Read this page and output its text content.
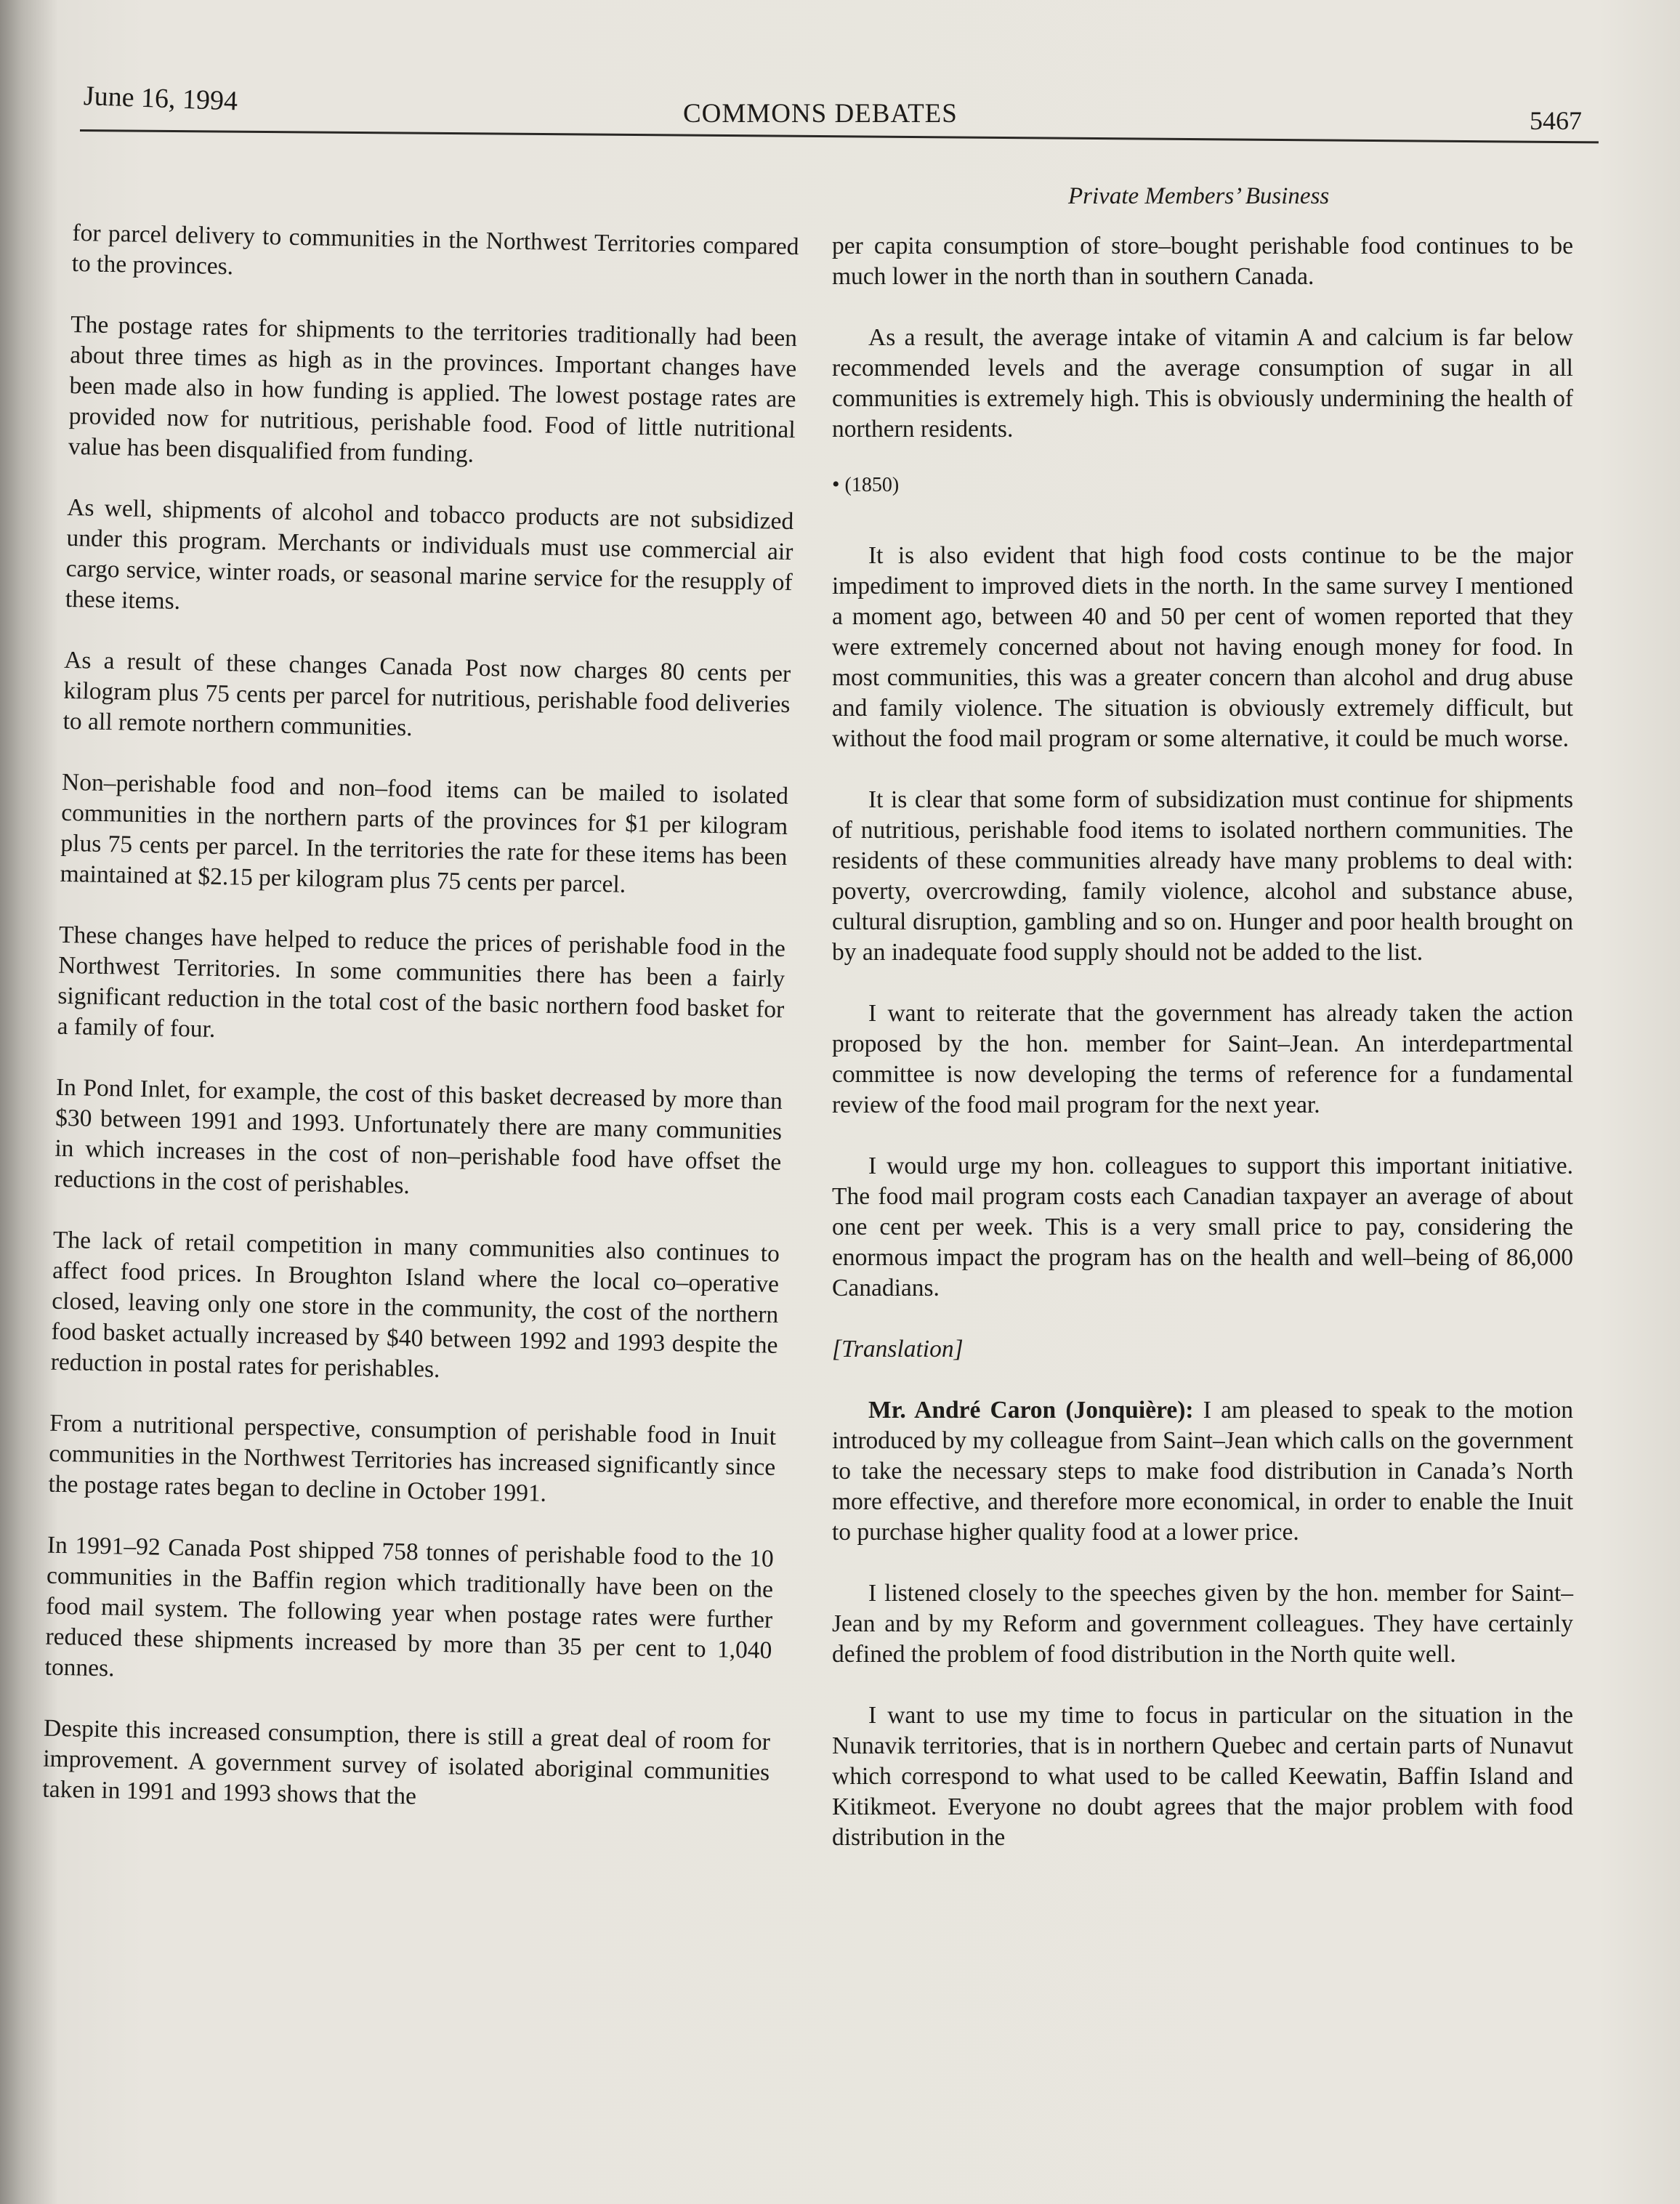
June 16, 1994	COMMONS DEBATES	5467
Private Members’ Business

for parcel delivery to communities in the Northwest Territories compared to the provinces.

The postage rates for shipments to the territories traditionally had been about three times as high as in the provinces. Important changes have been made also in how funding is applied. The lowest postage rates are provided now for nutritious, perishable food. Food of little nutritional value has been disqualified from funding.

As well, shipments of alcohol and tobacco products are not subsidized under this program. Merchants or individuals must use commercial air cargo service, winter roads, or seasonal marine service for the resupply of these items.

As a result of these changes Canada Post now charges 80 cents per kilogram plus 75 cents per parcel for nutritious, perishable food deliveries to all remote northern communities.

Non–perishable food and non–food items can be mailed to isolated communities in the northern parts of the provinces for $1 per kilogram plus 75 cents per parcel. In the territories the rate for these items has been maintained at $2.15 per kilogram plus 75 cents per parcel.

These changes have helped to reduce the prices of perishable food in the Northwest Territories. In some communities there has been a fairly significant reduction in the total cost of the basic northern food basket for a family of four.

In Pond Inlet, for example, the cost of this basket decreased by more than $30 between 1991 and 1993. Unfortunately there are many communities in which increases in the cost of non–perishable food have offset the reductions in the cost of perishables.

The lack of retail competition in many communities also continues to affect food prices. In Broughton Island where the local co–operative closed, leaving only one store in the community, the cost of the northern food basket actually increased by $40 between 1992 and 1993 despite the reduction in postal rates for perishables.

From a nutritional perspective, consumption of perishable food in Inuit communities in the Northwest Territories has increased significantly since the postage rates began to decline in October 1991.

In 1991–92 Canada Post shipped 758 tonnes of perishable food to the 10 communities in the Baffin region which traditionally have been on the food mail system. The following year when postage rates were further reduced these shipments increased by more than 35 per cent to 1,040 tonnes.

Despite this increased consumption, there is still a great deal of room for improvement. A government survey of isolated aboriginal communities taken in 1991 and 1993 shows that the

per capita consumption of store–bought perishable food continues to be much lower in the north than in southern Canada.

As a result, the average intake of vitamin A and calcium is far below recommended levels and the average consumption of sugar in all communities is extremely high. This is obviously undermining the health of northern residents.

• (1850)

It is also evident that high food costs continue to be the major impediment to improved diets in the north. In the same survey I mentioned a moment ago, between 40 and 50 per cent of women reported that they were extremely concerned about not having enough money for food. In most communities, this was a greater concern than alcohol and drug abuse and family violence. The situation is obviously extremely difficult, but without the food mail program or some alternative, it could be much worse.

It is clear that some form of subsidization must continue for shipments of nutritious, perishable food items to isolated northern communities. The residents of these communities already have many problems to deal with: poverty, overcrowding, family violence, alcohol and substance abuse, cultural disruption, gambling and so on. Hunger and poor health brought on by an inadequate food supply should not be added to the list.

I want to reiterate that the government has already taken the action proposed by the hon. member for Saint–Jean. An interdepartmental committee is now developing the terms of reference for a fundamental review of the food mail program for the next year.

I would urge my hon. colleagues to support this important initiative. The food mail program costs each Canadian taxpayer an average of about one cent per week. This is a very small price to pay, considering the enormous impact the program has on the health and well–being of 86,000 Canadians.

[Translation]

Mr. André Caron (Jonquière): I am pleased to speak to the motion introduced by my colleague from Saint–Jean which calls on the government to take the necessary steps to make food distribution in Canada’s North more effective, and therefore more economical, in order to enable the Inuit to purchase higher quality food at a lower price.

I listened closely to the speeches given by the hon. member for Saint–Jean and by my Reform and government colleagues. They have certainly defined the problem of food distribution in the North quite well.

I want to use my time to focus in particular on the situation in the Nunavik territories, that is in northern Quebec and certain parts of Nunavut which correspond to what used to be called Keewatin, Baffin Island and Kitikmeot. Everyone no doubt agrees that the major problem with food distribution in the
